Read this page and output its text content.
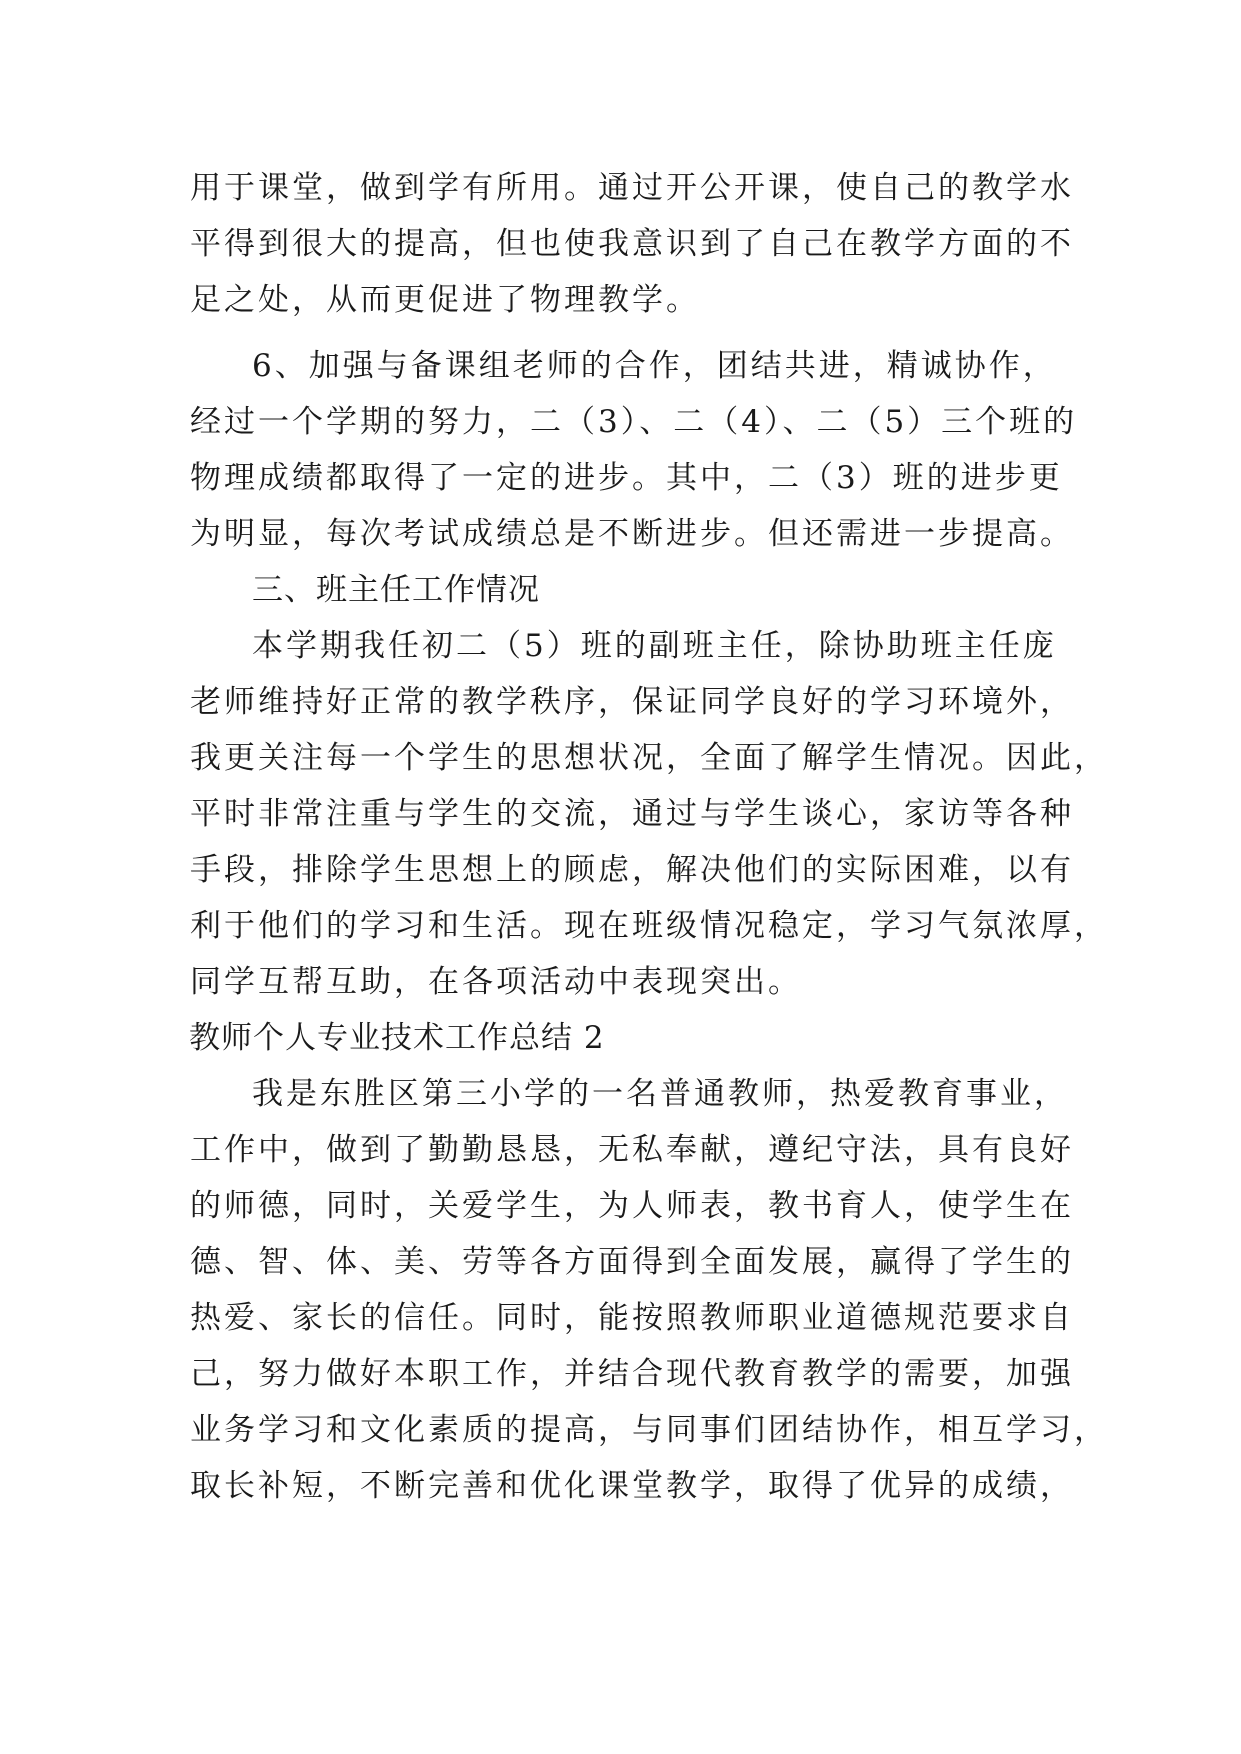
用于课堂，做到学有所用。通过开公开课，使自己的教学水
平得到很大的提高，但也使我意识到了自己在教学方面的不
足之处，从而更促进了物理教学。
6、加强与备课组老师的合作，团结共进，精诚协作，
经过一个学期的努力，二（3）、二（4）、二（5）三个班的
物理成绩都取得了一定的进步。其中，二（3）班的进步更
为明显，每次考试成绩总是不断进步。但还需进一步提高。
三、班主任工作情况
本学期我任初二（5）班的副班主任，除协助班主任庞
老师维持好正常的教学秩序，保证同学良好的学习环境外，
我更关注每一个学生的思想状况，全面了解学生情况。因此，
平时非常注重与学生的交流，通过与学生谈心，家访等各种
手段，排除学生思想上的顾虑，解决他们的实际困难，以有
利于他们的学习和生活。现在班级情况稳定，学习气氛浓厚，
同学互帮互助，在各项活动中表现突出。
教师个人专业技术工作总结 2
我是东胜区第三小学的一名普通教师，热爱教育事业，
工作中，做到了勤勤恳恳，无私奉献，遵纪守法，具有良好
的师德，同时，关爱学生，为人师表，教书育人，使学生在
德、智、体、美、劳等各方面得到全面发展，赢得了学生的
热爱、家长的信任。同时，能按照教师职业道德规范要求自
己，努力做好本职工作，并结合现代教育教学的需要，加强
业务学习和文化素质的提高，与同事们团结协作，相互学习，
取长补短，不断完善和优化课堂教学，取得了优异的成绩，
